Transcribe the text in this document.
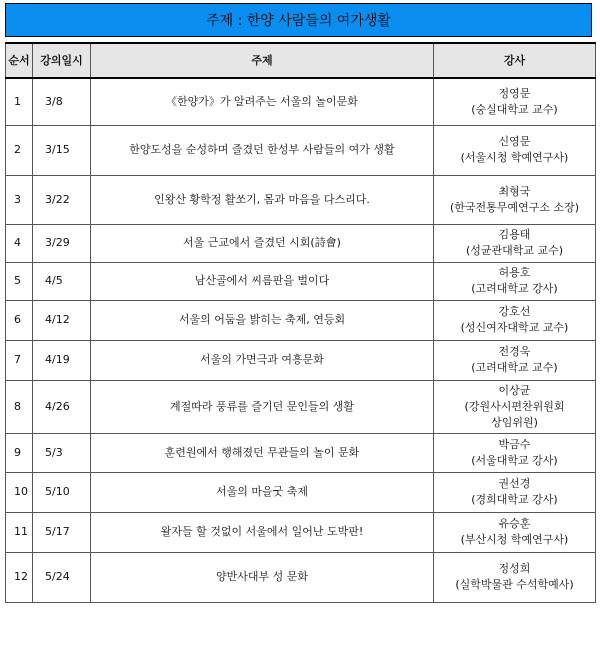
주제 : 한양 사람들의 여가생활
순서	강의일시	주제	강사
1	3/8	《한양가》가 알려주는 서울의 놀이문화	정영문
(숭실대학교 교수)

2	3/15	한양도성을 순성하며 즐겼던 한성부 사람들의 여가 생활	신영문
(서울시청 학예연구사)

3	3/22	인왕산 황학정 활쏘기, 몸과 마음을 다스리다.	최형국
(한국전통무예연구소 소장)

4	3/29	서울 근교에서 즐겼던 시회(詩會)	김용태
(성균관대학교 교수)

5	4/5	남산골에서 씨름판을 벌이다	허용호
(고려대학교 강사)

6	4/12	서울의 어둠을 밝히는 축제, 연등회	강호선
(성신여자대학교 교수)

7	4/19	서울의 가면극과 여흥문화	전경욱
(고려대학교 교수)

8	4/26	계절따라 풍류를 즐기던 문인들의 생활	이상균
(강원사시편찬위원회
상임위원)

9	5/3	훈련원에서 행해졌던 무관들의 놀이 문화	박금수
(서울대학교 강사)

10	5/10	서울의 마을굿 축제	권선경
(경희대학교 강사)

11	5/17	왈자들 할 것없이 서울에서 일어난 도박판!	유승훈
(부산시청 학예연구사)

12	5/24	양반사대부 성 문화	정성희
(실학박물관 수석학예사)
